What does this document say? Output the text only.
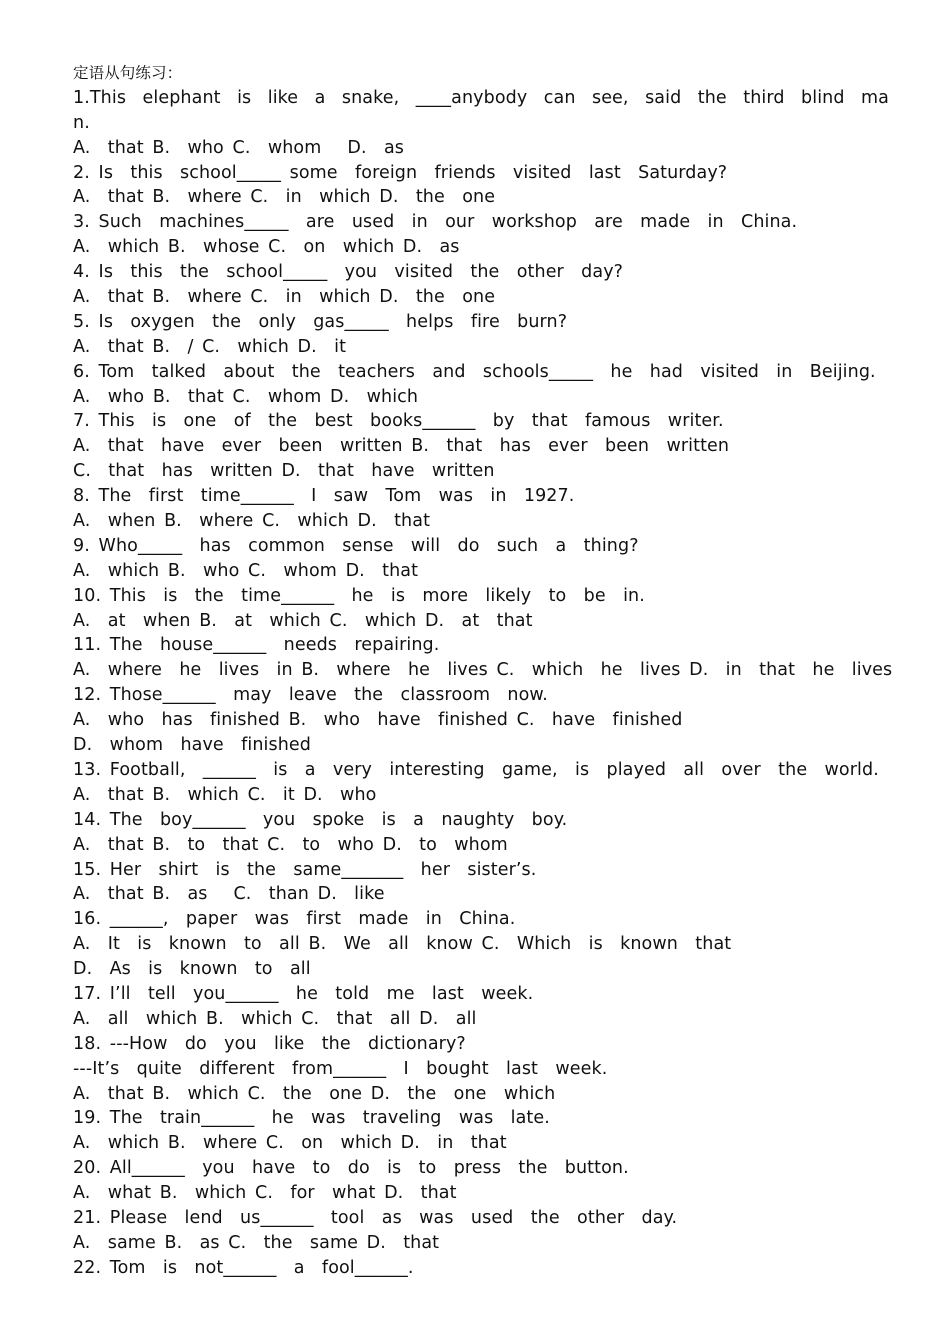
定语从句练习：
1.This elephant is like a snake, ____anybody can see, said the third blind ma
n.
A.  that B.  who C.  whom   D.  as
2. Is  this  school_____ some  foreign  friends  visited  last  Saturday?
A.  that B.  where C.  in  which D.  the  one
3. Such  machines_____  are  used  in  our  workshop  are  made  in  China.
A.  which B.  whose C.  on  which D.  as
4. Is  this  the  school_____  you  visited  the  other  day?
A.  that B.  where C.  in  which D.  the  one
5. Is  oxygen  the  only  gas_____  helps  fire  burn?
A.  that B.  / C.  which D.  it
6. Tom  talked  about  the  teachers  and  schools_____  he  had  visited  in  Beijing.
A.  who B.  that C.  whom D.  which
7. This  is  one  of  the  best  books______  by  that  famous  writer.
A.  that  have  ever  been  written B.  that  has  ever  been  written
C.  that  has  written D.  that  have  written
8. The  first  time______  I  saw  Tom  was  in  1927.
A.  when B.  where C.  which D.  that
9. Who_____  has  common  sense  will  do  such  a  thing?
A.  which B.  who C.  whom D.  that
10. This  is  the  time______  he  is  more  likely  to  be  in.
A.  at  when B.  at  which C.  which D.  at  that
11. The  house______  needs  repairing.
A.  where  he  lives  in B.  where  he  lives C.  which  he  lives D.  in  that  he  lives
12. Those______  may  leave  the  classroom  now.
A.  who  has  finished B.  who  have  finished C.  have  finished
D.  whom  have  finished
13. Football,  ______  is  a  very  interesting  game,  is  played  all  over  the  world.
A.  that B.  which C.  it D.  who
14. The  boy______  you  spoke  is  a  naughty  boy.
A.  that B.  to  that C.  to  who D.  to  whom
15. Her  shirt  is  the  same_______  her  sister’s.
A.  that B.  as   C.  than D.  like
16. ______,  paper  was  first  made  in  China.
A.  It  is  known  to  all B.  We  all  know C.  Which  is  known  that
D.  As  is  known  to  all
17. I’ll  tell  you______  he  told  me  last  week.
A.  all  which B.  which C.  that  all D.  all
18. ---How  do  you  like  the  dictionary?
---It’s  quite  different  from______  I  bought  last  week.
A.  that B.  which C.  the  one D.  the  one  which
19. The  train______  he  was  traveling  was  late.
A.  which B.  where C.  on  which D.  in  that
20. All______  you  have  to  do  is  to  press  the  button.
A.  what B.  which C.  for  what D.  that
21. Please  lend  us______  tool  as  was  used  the  other  day.
A.  same B.  as C.  the  same D.  that
22. Tom  is  not______  a  fool______.
